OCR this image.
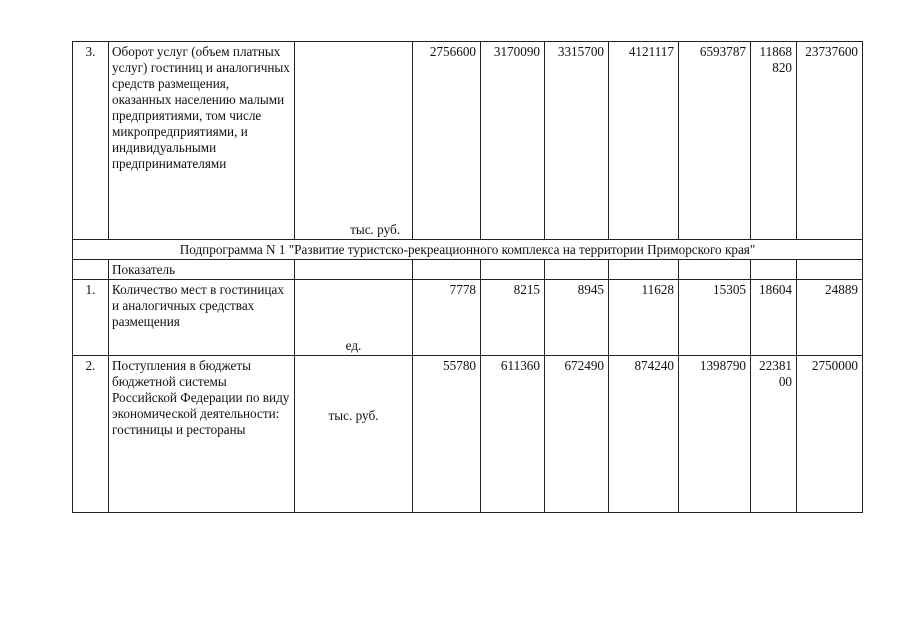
3.	Оборот услуг (объем платных услуг) гостиниц и аналогичных средств размещения, оказанных населению малыми предприятиями, том числе микропредприятиями, и индивидуальными предпринимателями	тыс. руб.	2756600	3170090	3315700	4121117	6593787	11868820	23737600
Подпрограмма N 1 "Развитие туристско-рекреационного комплекса на территории Приморского края"									
	Показатель								
1.	Количество мест в гостиницах и аналогичных средствах размещения	ед.	7778	8215	8945	11628	15305	18604	24889
2.	Поступления в бюджеты бюджетной системы Российской Федерации по виду экономической деятельности: гостиницы и рестораны	тыс. руб.	55780	611360	672490	874240	1398790	2238100	2750000
